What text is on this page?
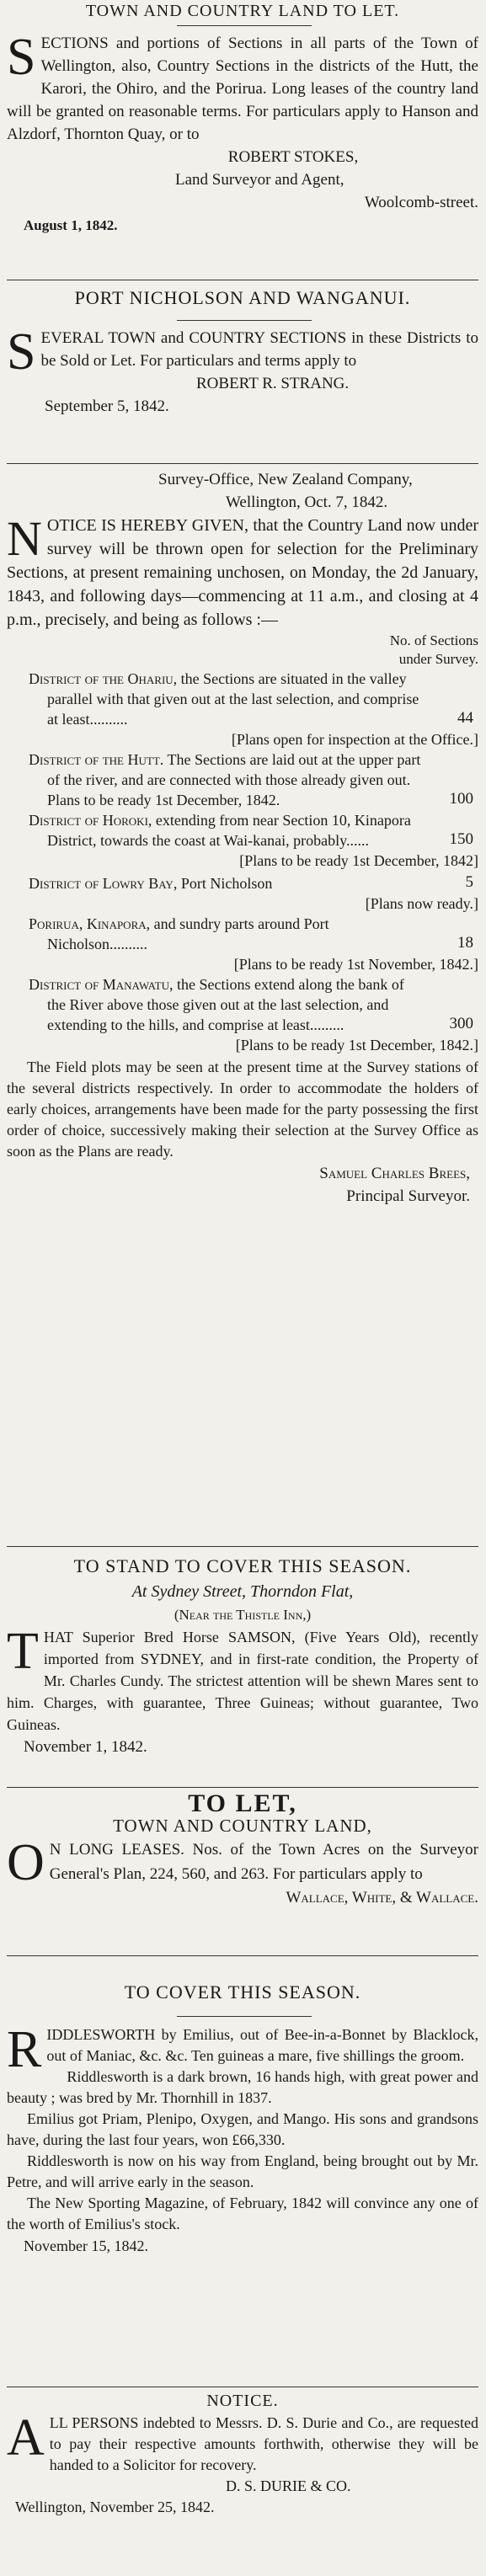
TOWN AND COUNTRY LAND TO LET.

S ECTIONS and portions of Sections in all parts of the Town of Wellington, also, Country Sections in the districts of the Hutt, the Karori, the Ohiro, and the Porirua. Long leases of the country land will be granted on reasonable terms. For particulars apply to Hanson and Alzdorf, Thornton Quay, or to

ROBERT STOKES,

Land Surveyor and Agent,

Woolcomb-street.

August 1, 1842.

PORT NICHOLSON AND WANGANUI.

S EVERAL TOWN and COUNTRY SECTIONS in these Districts to be Sold or Let. For particulars and terms apply to

ROBERT R. STRANG.

September 5, 1842.

Survey-Office, New Zealand Company,

Wellington, Oct. 7, 1842.

N OTICE IS HEREBY GIVEN, that the Country Land now under survey will be thrown open for selection for the Preliminary Sections, at present remaining unchosen, on Monday, the 2d January, 1843, and following days—commencing at 11 a.m., and closing at 4 p.m., precisely, and being as follows :—

No. of Sections

under Survey.

District of the Ohariu, the Sections are situated in the valley parallel with that given out at the last selection, and comprise at least..........	44
[Plans open for inspection at the Office.]	
District of the Hutt. The Sections are laid out at the upper part of the river, and are connected with those already given out. Plans to be ready 1st December, 1842.	100
District of Horoki, extending from near Section 10, Kinapora District, towards the coast at Wai-kanai, probably......	150
[Plans to be ready 1st December, 1842]	
District of Lowry Bay, Port Nicholson	5
[Plans now ready.]	
Porirua, Kinapora, and sundry parts around Port Nicholson..........	18
[Plans to be ready 1st November, 1842.]	
District of Manawatu, the Sections extend along the bank of the River above those given out at the last selection, and extending to the hills, and comprise at least.........	300
[Plans to be ready 1st December, 1842.]	

The Field plots may be seen at the present time at the Survey stations of the several districts respectively. In order to accommodate the holders of early choices, arrangements have been made for the party possessing the first order of choice, successively making their selection at the Survey Office as soon as the Plans are ready.

Samuel Charles Brees,

Principal Surveyor.

TO STAND TO COVER THIS SEASON.

At Sydney Street, Thorndon Flat,

(Near the Thistle Inn,)

T HAT Superior Bred Horse SAMSON, (Five Years Old), recently imported from SYDNEY, and in first-rate condition, the Property of Mr. Charles Cundy. The strictest attention will be shewn Mares sent to him. Charges, with guarantee, Three Guineas; without guarantee, Two Guineas.

November 1, 1842.

TO LET,

TOWN AND COUNTRY LAND,

O N LONG LEASES. Nos. of the Town Acres on the Surveyor General's Plan, 224, 560, and 263. For particulars apply to

Wallace, White, & Wallace.

TO COVER THIS SEASON.

R IDDLESWORTH by Emilius, out of Bee-in-a-Bonnet by Blacklock, out of Maniac, &c. &c. Ten guineas a mare, five shillings the groom.

Riddlesworth is a dark brown, 16 hands high, with great power and beauty ; was bred by Mr. Thornhill in 1837.

Emilius got Priam, Plenipo, Oxygen, and Mango. His sons and grandsons have, during the last four years, won £66,330.

Riddlesworth is now on his way from England, being brought out by Mr. Petre, and will arrive early in the season.

The New Sporting Magazine, of February, 1842 will convince any one of the worth of Emilius's stock.

November 15, 1842.

NOTICE.

A LL PERSONS indebted to Messrs. D. S. Durie and Co., are requested to pay their respective amounts forthwith, otherwise they will be handed to a Solicitor for recovery.

D. S. DURIE & CO.

Wellington, November 25, 1842.
